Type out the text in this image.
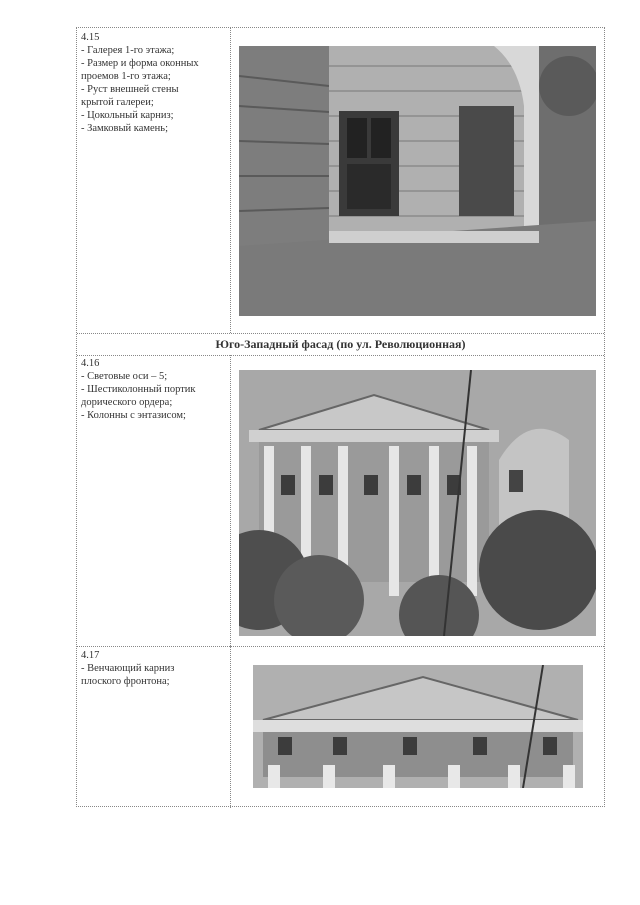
4.15
- Галерея 1-го этажа;
- Размер и форма оконных
проемов 1-го этажа;
- Руст внешней стены
крытой галереи;
- Цокольный карниз;
- Замковый камень;
Юго-Западный фасад (по ул. Революционная)
4.16
- Световые оси – 5;
- Шестиколонный портик
дорического ордера;
- Колонны с энтазисом;
4.17
- Венчающий карниз
плоского фронтона;
